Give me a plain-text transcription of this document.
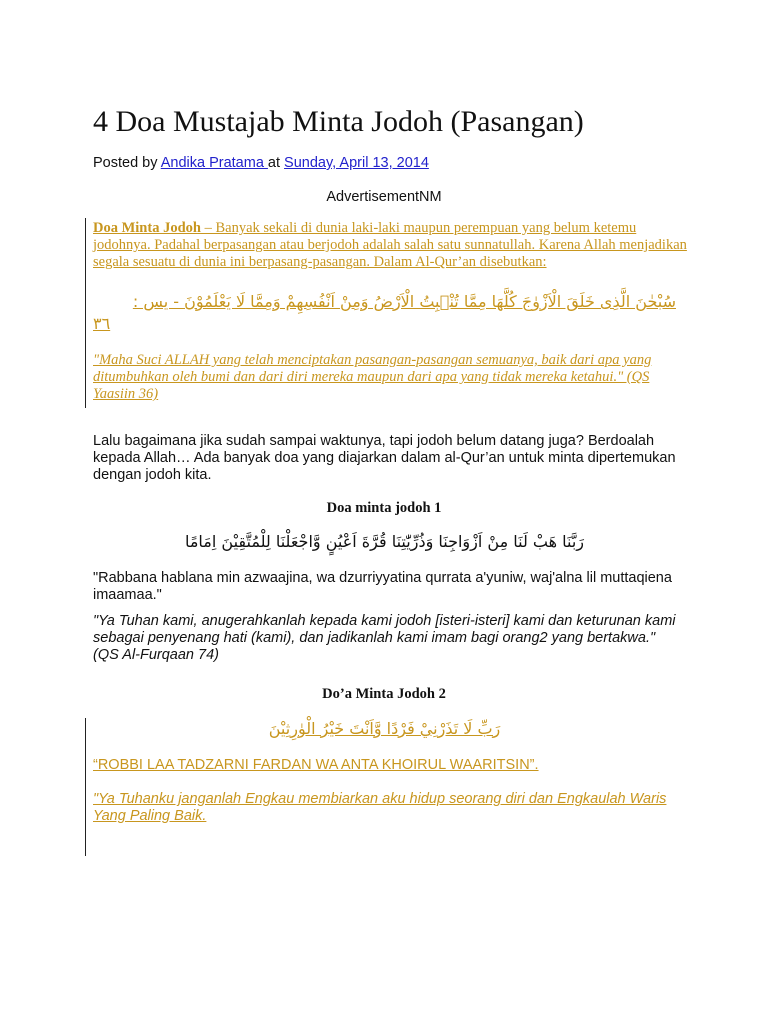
4 Doa Mustajab Minta Jodoh (Pasangan)
Posted by Andika Pratama at Sunday, April 13, 2014
AdvertisementNM
Doa Minta Jodoh – Banyak sekali di dunia laki-laki maupun perempuan yang belum ketemu jodohnya. Padahal berpasangan atau berjodoh adalah salah satu sunnatullah. Karena Allah menjadikan segala sesuatu di dunia ini berpasang-pasangan. Dalam Al-Qur’an disebutkan:
سُبْحٰنَ الَّذِى خَلَقَ الْاَزْوٰجَ كُلَّهَا مِمَّا تُنْۢبِتُ الْاَرْضُ وَمِنْ اَنْفُسِهِمْ وَمِمَّا لَا يَعْلَمُوْنَ - يس :
٣٦
"Maha Suci ALLAH yang telah menciptakan pasangan-pasangan semuanya, baik dari apa yang ditumbuhkan oleh bumi dan dari diri mereka maupun dari apa yang tidak mereka ketahui." (QS Yaasiin 36)
Lalu bagaimana jika sudah sampai waktunya, tapi jodoh belum datang juga? Berdoalah kepada Allah… Ada banyak doa yang diajarkan dalam al-Qur’an untuk minta dipertemukan dengan jodoh kita.
Doa minta jodoh 1
رَبَّنَا هَبْ لَنَا مِنْ اَزْوَاجِنَا وَذُرِّيّٰتِنَا قُرَّةَ اَعْيُنٍ وَّاجْعَلْنَا لِلْمُتَّقِيْنَ اِمَامًا
"Rabbana hablana min azwaajina, wa dzurriyyatina qurrata a'yuniw, waj'alna lil muttaqiena imaamaa."
"Ya Tuhan kami, anugerahkanlah kepada kami jodoh [isteri-isteri] kami dan keturunan kami sebagai penyenang hati (kami), dan jadikanlah kami imam bagi orang2 yang bertakwa." (QS Al-Furqaan 74)
Do’a Minta Jodoh 2
رَبِّ لَا تَذَرْنِيْ فَرْدًا وَّاَنْتَ خَيْرُ الْوٰرِثِيْنَ
“ROBBI LAA TADZARNI FARDAN WA ANTA KHOIRUL WAARITSIN”.
"Ya Tuhanku janganlah Engkau membiarkan aku hidup seorang diri dan Engkaulah Waris Yang Paling Baik.
